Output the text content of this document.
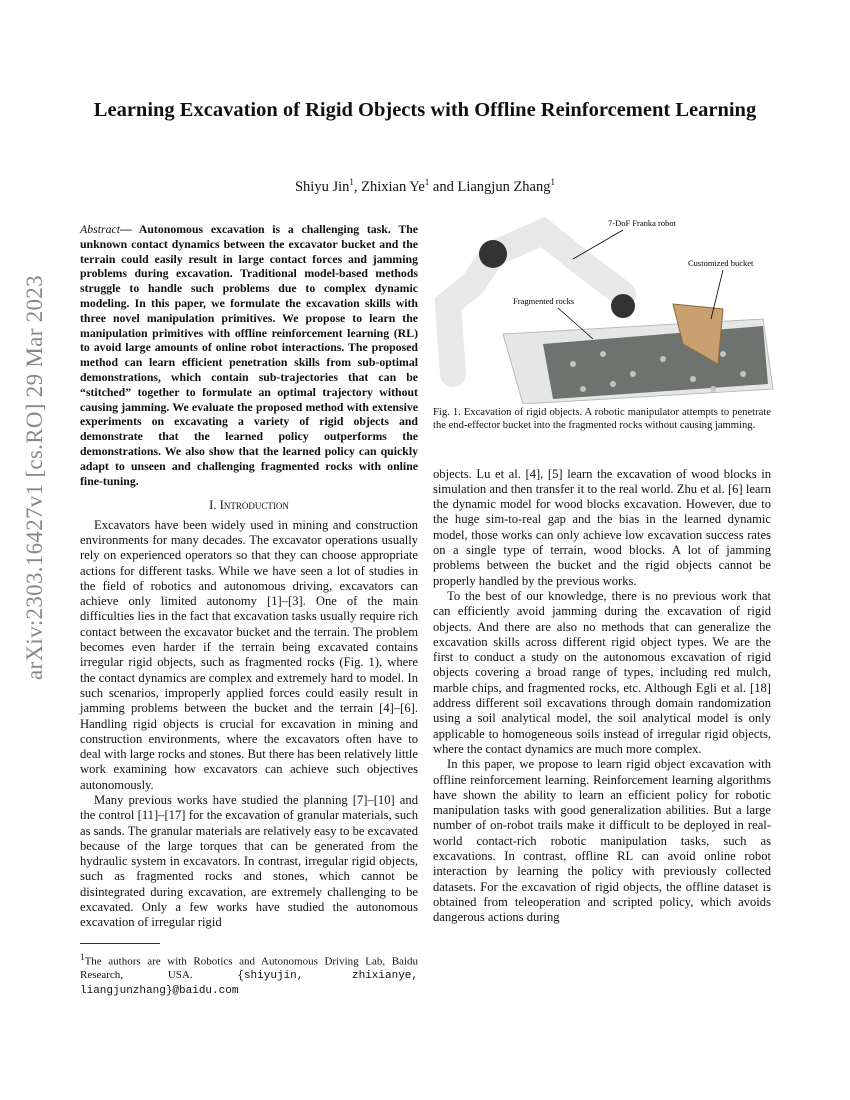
arXiv:2303.16427v1 [cs.RO] 29 Mar 2023
Learning Excavation of Rigid Objects with Offline Reinforcement Learning
Shiyu Jin$^1$, Zhixian Ye$^1$ and Liangjun Zhang$^1$
Abstract— Autonomous excavation is a challenging task. The unknown contact dynamics between the excavator bucket and the terrain could easily result in large contact forces and jamming problems during excavation. Traditional model-based methods struggle to handle such problems due to complex dynamic modeling. In this paper, we formulate the excavation skills with three novel manipulation primitives. We propose to learn the manipulation primitives with offline reinforcement learning (RL) to avoid large amounts of online robot interactions. The proposed method can learn efficient penetration skills from sub-optimal demonstrations, which contain sub-trajectories that can be “stitched” together to formulate an optimal trajectory without causing jamming. We evaluate the proposed method with extensive experiments on excavating a variety of rigid objects and demonstrate that the learned policy outperforms the demonstrations. We also show that the learned policy can quickly adapt to unseen and challenging fragmented rocks with online fine-tuning.
I. Introduction

Excavators have been widely used in mining and construction environments for many decades. The excavator operations usually rely on experienced operators so that they can choose appropriate actions for different tasks. While we have seen a lot of studies in the field of robotics and autonomous driving, excavators can achieve only limited autonomy [1]–[3]. One of the main difficulties lies in the fact that excavation tasks usually require rich contact between the excavator bucket and the terrain. The problem becomes even harder if the terrain being excavated contains irregular rigid objects, such as fragmented rocks (Fig. 1), where the contact dynamics are complex and extremely hard to model. In such scenarios, improperly applied forces could easily result in jamming problems between the bucket and the terrain [4]–[6]. Handling rigid objects is crucial for excavation in mining and construction environments, where the excavators often have to deal with large rocks and stones. But there has been relatively little work examining how excavators can achieve such objectives autonomously.

Many previous works have studied the planning [7]–[10] and the control [11]–[17] for the excavation of granular materials, such as sands. The granular materials are relatively easy to be excavated because of the large torques that can be generated from the hydraulic system in excavators. In contrast, irregular rigid objects, such as fragmented rocks and stones, which cannot be disintegrated during excavation, are extremely challenging to be excavated. Only a few works have studied the autonomous excavation of irregular rigid

$^1$The authors are with Robotics and Autonomous Driving Lab, Baidu Research, USA. {shiyujin, zhixianye, liangjunzhang}@baidu.com
7-DoF Franka robot
Customized bucket
Fragmented rocks
Fig. 1. Excavation of rigid objects. A robotic manipulator attempts to penetrate the end-effector bucket into the fragmented rocks without causing jamming.

objects. Lu et al. [4], [5] learn the excavation of wood blocks in simulation and then transfer it to the real world. Zhu et al. [6] learn the dynamic model for wood blocks excavation. However, due to the huge sim-to-real gap and the bias in the learned dynamic model, those works can only achieve low excavation success rates on a single type of terrain, wood blocks. A lot of jamming problems between the bucket and the rigid objects cannot be properly handled by the previous works.

To the best of our knowledge, there is no previous work that can efficiently avoid jamming during the excavation of rigid objects. And there are also no methods that can generalize the excavation skills across different rigid object types. We are the first to conduct a study on the autonomous excavation of rigid objects covering a broad range of types, including red mulch, marble chips, and fragmented rocks, etc. Although Egli et al. [18] address different soil excavations through domain randomization using a soil analytical model, the soil analytical model is only applicable to homogeneous soils instead of irregular rigid objects, where the contact dynamics are much more complex.

In this paper, we propose to learn rigid object excavation with offline reinforcement learning. Reinforcement learning algorithms have shown the ability to learn an efficient policy for robotic manipulation tasks with good generalization abilities. But a large number of on-robot trails make it difficult to be deployed in real-world contact-rich robotic manipulation tasks, such as excavations. In contrast, offline RL can avoid online robot interaction by learning the policy with previously collected datasets. For the excavation of rigid objects, the offline dataset is obtained from teleoperation and scripted policy, which avoids dangerous actions during
